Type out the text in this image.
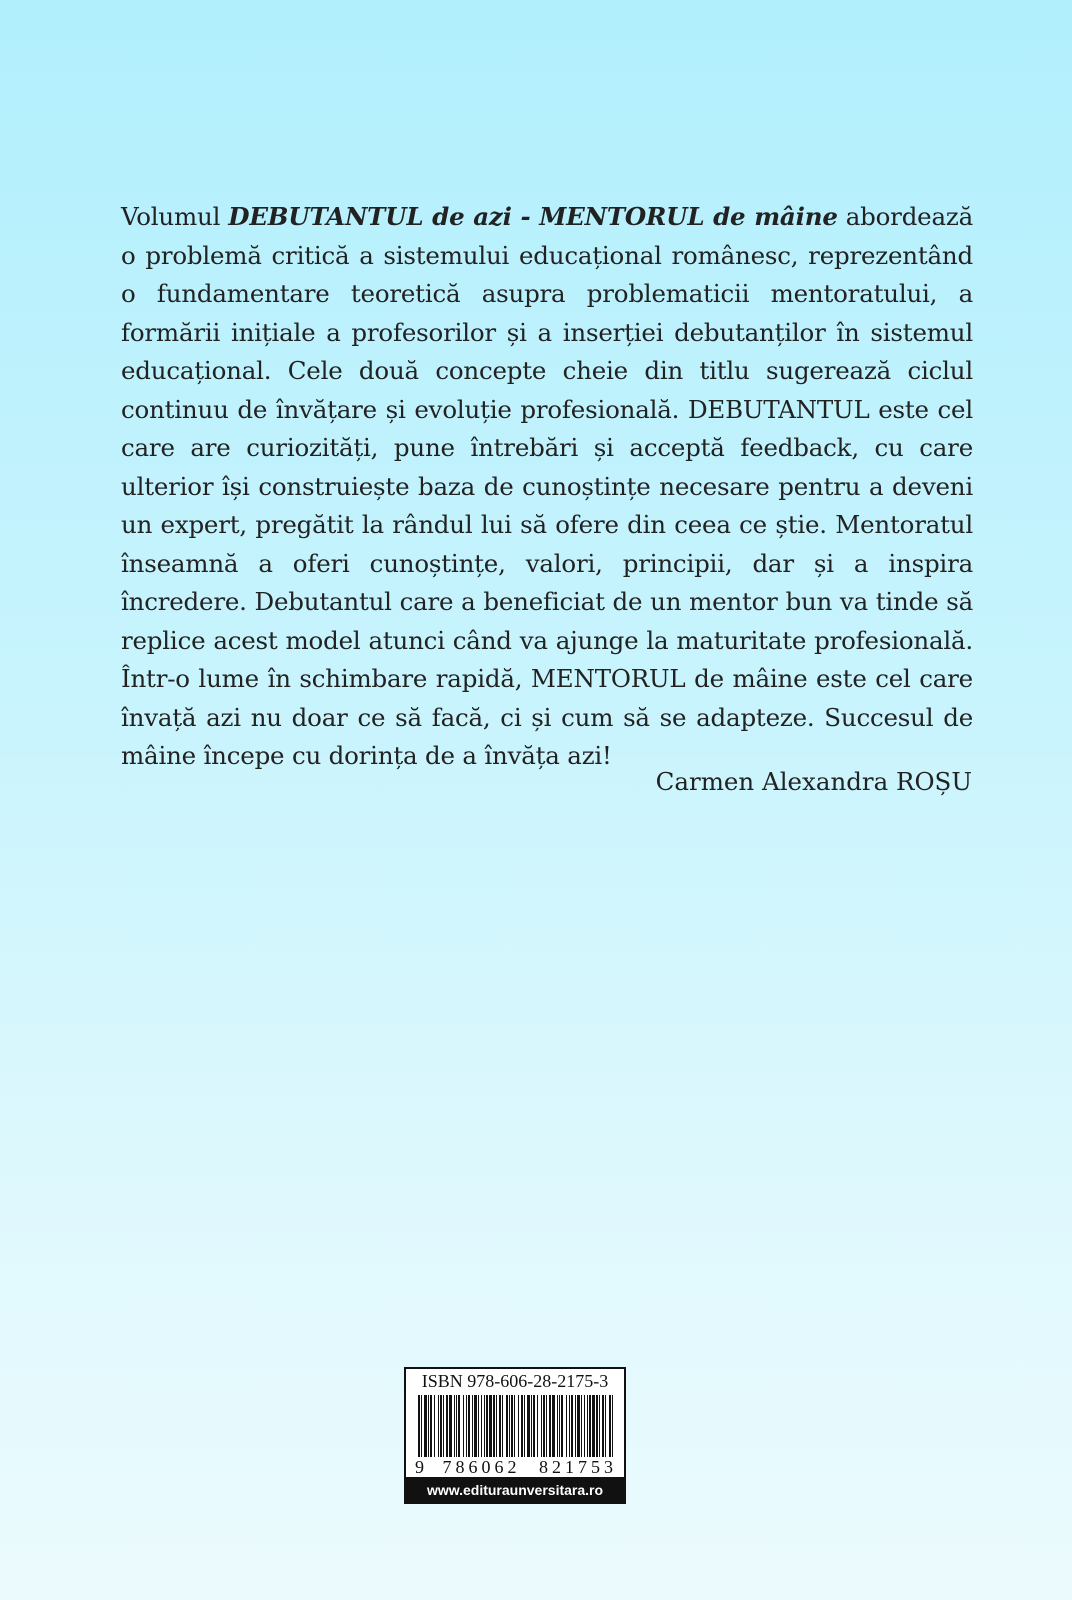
Volumul DEBUTANTUL de azi - MENTORUL de mâine abordează o problemă critică a sistemului educațional românesc, reprezentând o fundamentare teoretică asupra problematicii mentoratului, a formării inițiale a profesorilor și a inserției debutanților în sistemul educațional. Cele două concepte cheie din titlu sugerează ciclul continuu de învățare și evoluție profesională. DEBUTANTUL este cel care are curiozități, pune întrebări și acceptă feedback, cu care ulterior își construiește baza de cunoștințe necesare pentru a deveni un expert, pregătit la rândul lui să ofere din ceea ce știe. Mentoratul înseamnă a oferi cunoștințe, valori, principii, dar și a inspira încredere. Debutantul care a beneficiat de un mentor bun va tinde să replice acest model atunci când va ajunge la maturitate profesională. Într-o lume în schimbare rapidă, MENTORUL de mâine este cel care învață azi nu doar ce să facă, ci și cum să se adapteze. Succesul de mâine începe cu dorința de a învăța azi!
Carmen Alexandra ROȘU
ISBN 978-606-28-2175-3
9 786062 821753
www.edituraunversitara.ro
